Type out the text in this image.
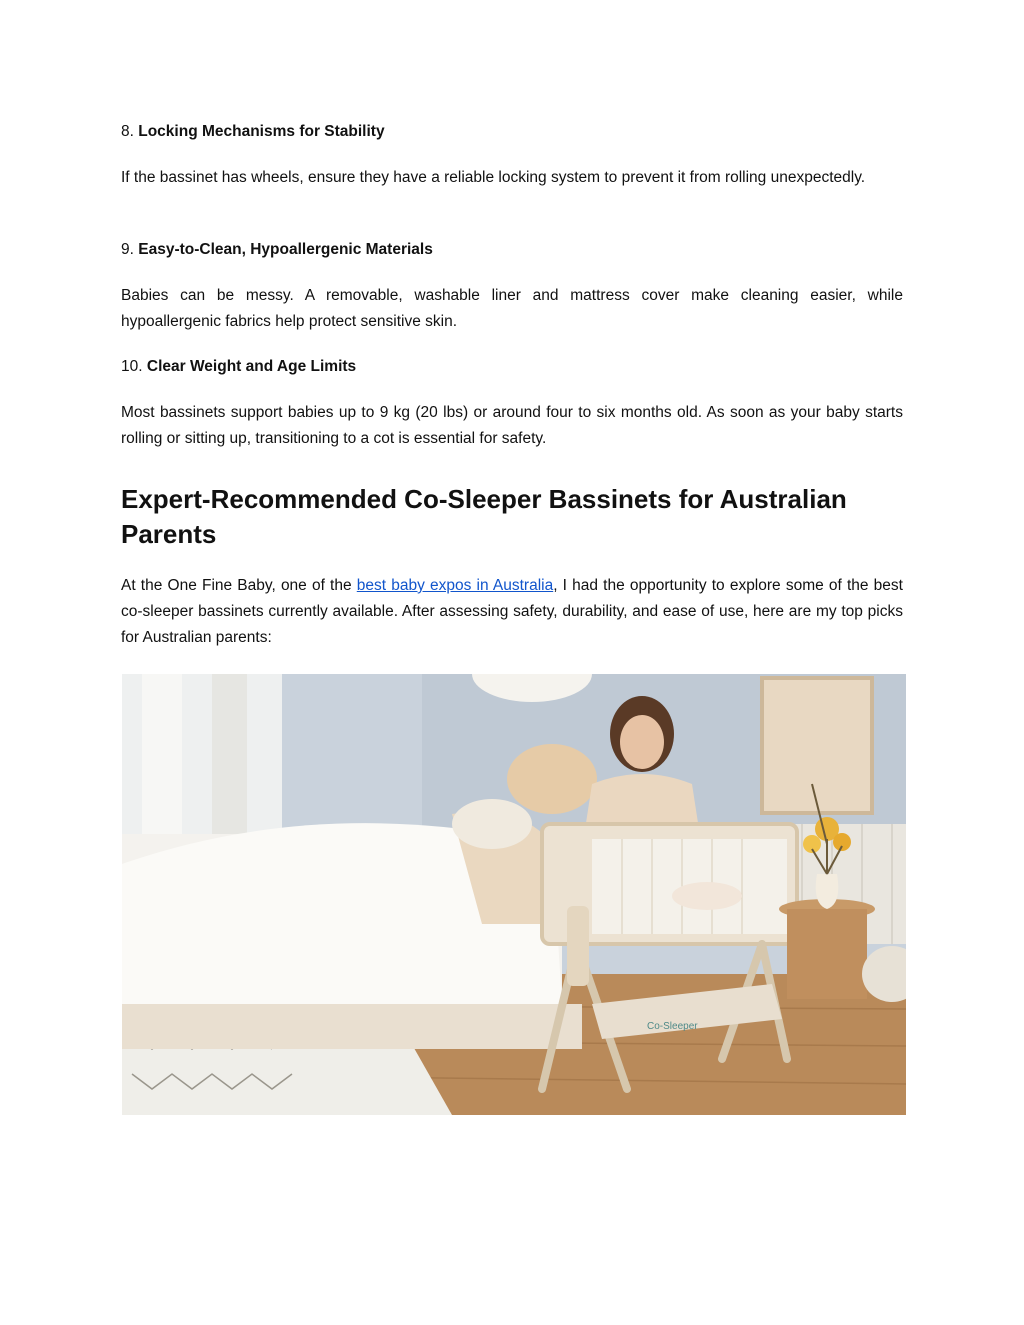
8. Locking Mechanisms for Stability

If the bassinet has wheels, ensure they have a reliable locking system to prevent it from rolling unexpectedly.

9. Easy-to-Clean, Hypoallergenic Materials

Babies can be messy. A removable, washable liner and mattress cover make cleaning easier, while hypoallergenic fabrics help protect sensitive skin.

10. Clear Weight and Age Limits

Most bassinets support babies up to 9 kg (20 lbs) or around four to six months old. As soon as your baby starts rolling or sitting up, transitioning to a cot is essential for safety.

Expert-Recommended Co-Sleeper Bassinets for Australian Parents

At the One Fine Baby, one of the best baby expos in Australia, I had the opportunity to explore some of the best co-sleeper bassinets currently available. After assessing safety, durability, and ease of use, here are my top picks for Australian parents:

Co-Sleeper
